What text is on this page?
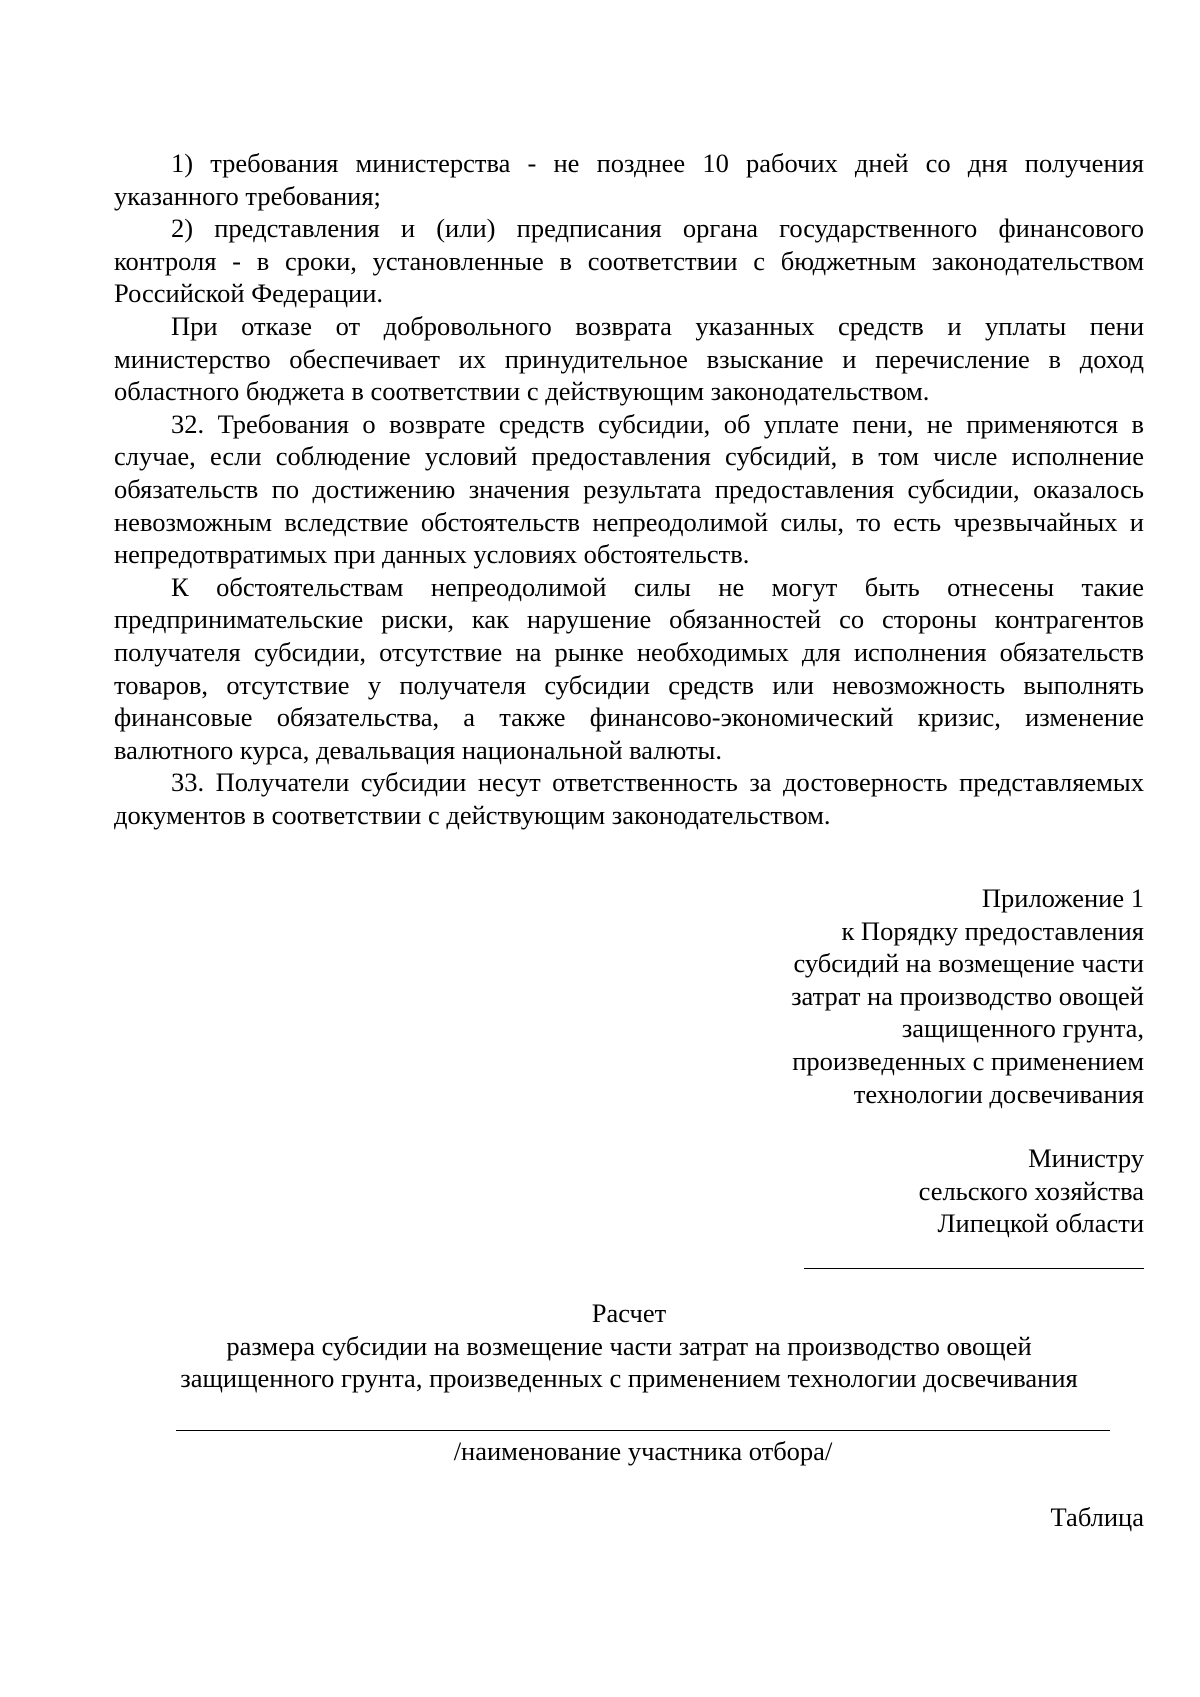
1) требования министерства - не позднее 10 рабочих дней со дня получения указанного требования;

2) представления и (или) предписания органа государственного финансового контроля - в сроки, установленные в соответствии с бюджетным законодательством Российской Федерации.

При отказе от добровольного возврата указанных средств и уплаты пени министерство обеспечивает их принудительное взыскание и перечисление в доход областного бюджета в соответствии с действующим законодательством.

32. Требования о возврате средств субсидии, об уплате пени, не применяются в случае, если соблюдение условий предоставления субсидий, в том числе исполнение обязательств по достижению значения результата предоставления субсидии, оказалось невозможным вследствие обстоятельств непреодолимой силы, то есть чрезвычайных и непредотвратимых при данных условиях обстоятельств.

К обстоятельствам непреодолимой силы не могут быть отнесены такие предпринимательские риски, как нарушение обязанностей со стороны контрагентов получателя субсидии, отсутствие на рынке необходимых для исполнения обязательств товаров, отсутствие у получателя субсидии средств или невозможность выполнять финансовые обязательства, а также финансово-экономический кризис, изменение валютного курса, девальвация национальной валюты.

33. Получатели субсидии несут ответственность за достоверность представляемых документов в соответствии с действующим законодательством.

Приложение 1
к Порядку предоставления
субсидий на возмещение части
затрат на производство овощей
защищенного грунта,
произведенных с применением
технологии досвечивания
Министру
сельского хозяйства
Липецкой области
Расчет
размера субсидии на возмещение части затрат на производство овощей
защищенного грунта, произведенных с применением технологии досвечивания
/наименование участника отбора/
Таблица
